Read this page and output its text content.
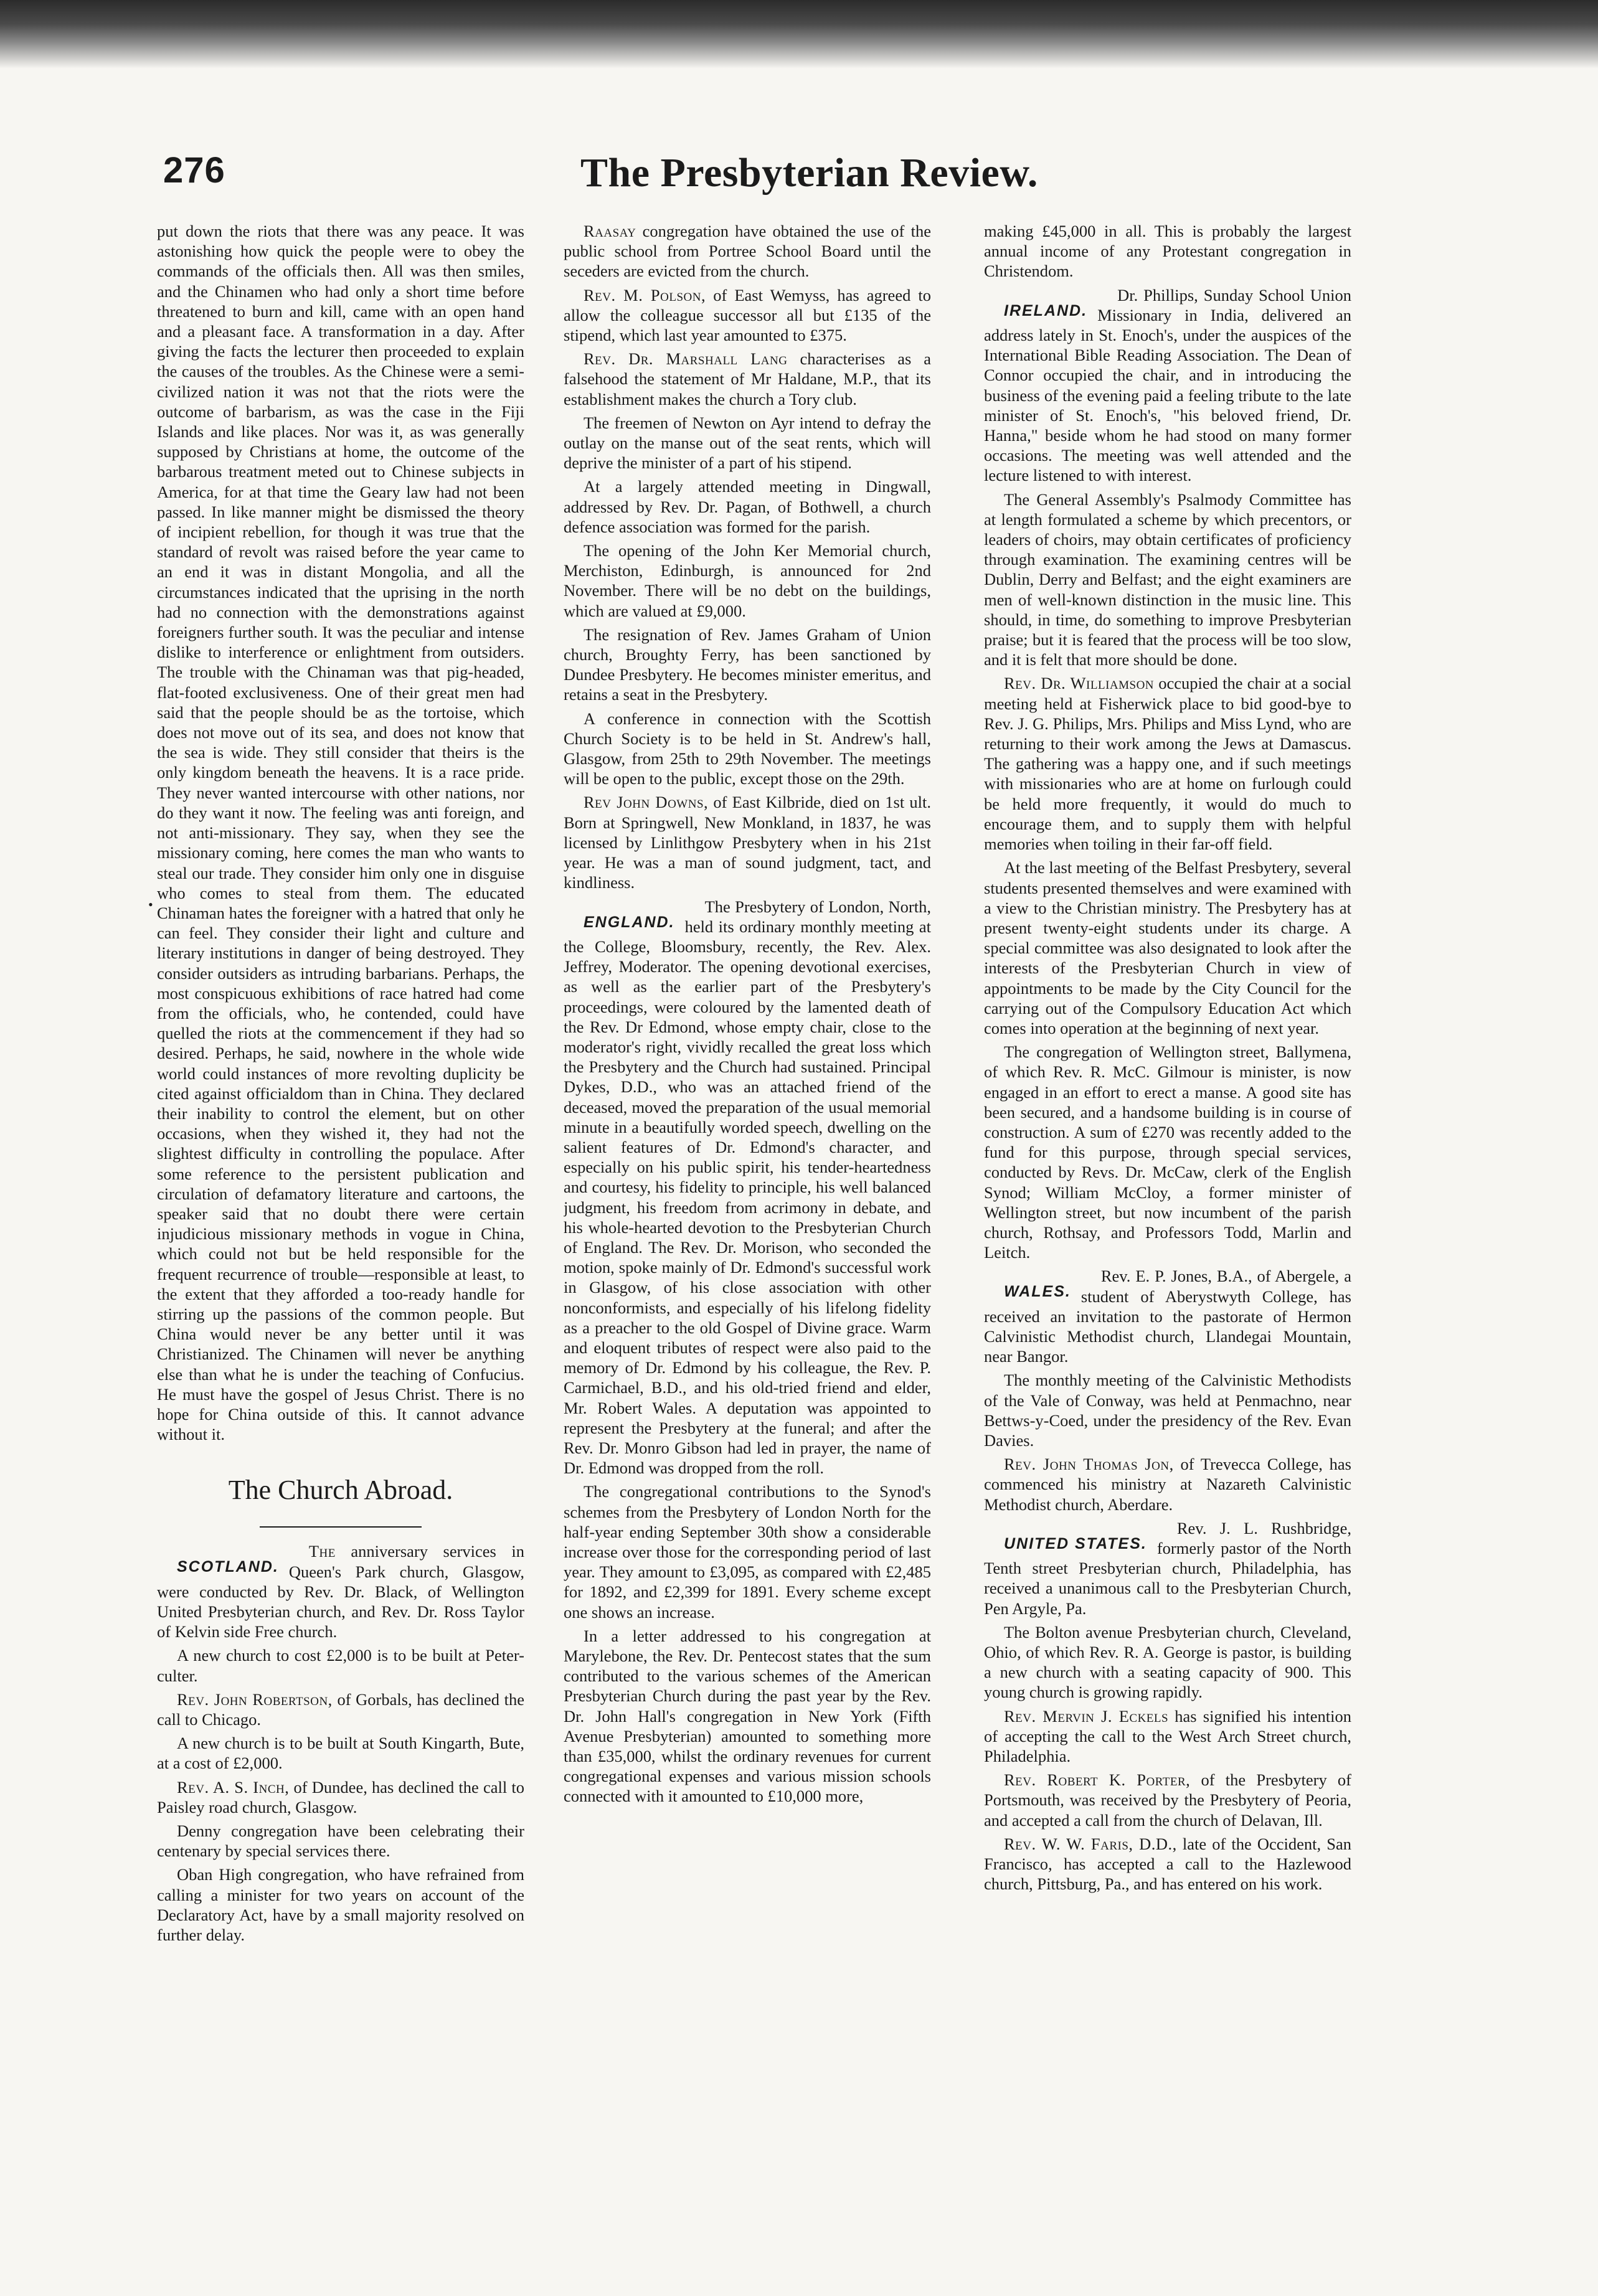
276	The Presbyterian Review.
•

put down the riots that there was any peace. It was astonishing how quick the people were to obey the commands of the officials then. All was then smiles, and the Chinamen who had only a short time before threatened to burn and kill, came with an open hand and a pleasant face. A transformation in a day. After giving the facts the lecturer then proceeded to explain the causes of the troubles. As the Chinese were a semi-civilized nation it was not that the riots were the outcome of barbarism, as was the case in the Fiji Islands and like places. Nor was it, as was generally supposed by Christians at home, the outcome of the barbarous treatment meted out to Chinese subjects in America, for at that time the Geary law had not been passed. In like manner might be dismissed the theory of incipient rebellion, for though it was true that the standard of revolt was raised before the year came to an end it was in distant Mongolia, and all the circumstances indicated that the uprising in the north had no connection with the demonstrations against foreigners further south. It was the peculiar and intense dislike to interference or enlightment from outsiders. The trouble with the Chinaman was that pig-headed, flat-footed exclusiveness. One of their great men had said that the people should be as the tortoise, which does not move out of its sea, and does not know that the sea is wide. They still consider that theirs is the only kingdom beneath the heavens. It is a race pride. They never wanted intercourse with other nations, nor do they want it now. The feeling was anti foreign, and not anti-missionary. They say, when they see the missionary coming, here comes the man who wants to steal our trade. They consider him only one in disguise who comes to steal from them. The educated Chinaman hates the foreigner with a hatred that only he can feel. They consider their light and culture and literary institutions in danger of being destroyed. They consider outsiders as intruding barbarians. Perhaps, the most conspicuous exhibitions of race hatred had come from the officials, who, he contended, could have quelled the riots at the commencement if they had so desired. Perhaps, he said, nowhere in the whole wide world could instances of more revolting duplicity be cited against officialdom than in China. They declared their inability to control the element, but on other occasions, when they wished it, they had not the slightest difficulty in controlling the populace. After some reference to the persistent publication and circulation of defamatory literature and cartoons, the speaker said that no doubt there were certain injudicious missionary methods in vogue in China, which could not but be held responsible for the frequent recurrence of trouble—responsible at least, to the extent that they afforded a too-ready handle for stirring up the passions of the common people. But China would never be any better until it was Christianized. The Chinamen will never be anything else than what he is under the teaching of Confucius. He must have the gospel of Jesus Christ. There is no hope for China outside of this. It cannot advance without it.

The Church Abroad.

SCOTLAND.
The anniversary services in Queen's Park church, Glasgow, were conducted by Rev. Dr. Black, of Wellington United Presbyterian church, and Rev. Dr. Ross Taylor of Kelvin side Free church.

A new church to cost £2,000 is to be built at Peter-culter.

Rev. John Robertson, of Gorbals, has declined the call to Chicago.

A new church is to be built at South Kingarth, Bute, at a cost of £2,000.

Rev. A. S. Inch, of Dundee, has declined the call to Paisley road church, Glasgow.

Denny congregation have been celebrating their centenary by special services there.

Oban High congregation, who have refrained from calling a minister for two years on account of the Declaratory Act, have by a small majority resolved on further delay.

Raasay congregation have obtained the use of the public school from Portree School Board until the seceders are evicted from the church.

Rev. M. Polson, of East Wemyss, has agreed to allow the colleague successor all but £135 of the stipend, which last year amounted to £375.

Rev. Dr. Marshall Lang characterises as a falsehood the statement of Mr Haldane, M.P., that its establishment makes the church a Tory club.

The freemen of Newton on Ayr intend to defray the outlay on the manse out of the seat rents, which will deprive the minister of a part of his stipend.

At a largely attended meeting in Dingwall, addressed by Rev. Dr. Pagan, of Bothwell, a church defence association was formed for the parish.

The opening of the John Ker Memorial church, Merchiston, Edinburgh, is announced for 2nd November. There will be no debt on the buildings, which are valued at £9,000.

The resignation of Rev. James Graham of Union church, Broughty Ferry, has been sanctioned by Dundee Presbytery. He becomes minister emeritus, and retains a seat in the Presbytery.

A conference in connection with the Scottish Church Society is to be held in St. Andrew's hall, Glasgow, from 25th to 29th November. The meetings will be open to the public, except those on the 29th.

Rev John Downs, of East Kilbride, died on 1st ult. Born at Springwell, New Monkland, in 1837, he was licensed by Linlithgow Presbytery when in his 21st year. He was a man of sound judgment, tact, and kindliness.

ENGLAND.
The Presbytery of London, North, held its ordinary monthly meeting at the College, Bloomsbury, recently, the Rev. Alex. Jeffrey, Moderator. The opening devotional exercises, as well as the earlier part of the Presbytery's proceedings, were coloured by the lamented death of the Rev. Dr Edmond, whose empty chair, close to the moderator's right, vividly recalled the great loss which the Presbytery and the Church had sustained. Principal Dykes, D.D., who was an attached friend of the deceased, moved the preparation of the usual memorial minute in a beautifully worded speech, dwelling on the salient features of Dr. Edmond's character, and especially on his public spirit, his tender-heartedness and courtesy, his fidelity to principle, his well balanced judgment, his freedom from acrimony in debate, and his whole-hearted devotion to the Presbyterian Church of England. The Rev. Dr. Morison, who seconded the motion, spoke mainly of Dr. Edmond's successful work in Glasgow, of his close association with other nonconformists, and especially of his lifelong fidelity as a preacher to the old Gospel of Divine grace. Warm and eloquent tributes of respect were also paid to the memory of Dr. Edmond by his colleague, the Rev. P. Carmichael, B.D., and his old-tried friend and elder, Mr. Robert Wales. A deputation was appointed to represent the Presbytery at the funeral; and after the Rev. Dr. Monro Gibson had led in prayer, the name of Dr. Edmond was dropped from the roll.

The congregational contributions to the Synod's schemes from the Presbytery of London North for the half-year ending September 30th show a considerable increase over those for the corresponding period of last year. They amount to £3,095, as compared with £2,485 for 1892, and £2,399 for 1891. Every scheme except one shows an increase.

In a letter addressed to his congregation at Marylebone, the Rev. Dr. Pentecost states that the sum contributed to the various schemes of the American Presbyterian Church during the past year by the Rev. Dr. John Hall's congregation in New York (Fifth Avenue Presbyterian) amounted to something more than £35,000, whilst the ordinary revenues for current congregational expenses and various mission schools connected with it amounted to £10,000 more,

making £45,000 in all. This is probably the largest annual income of any Protestant congregation in Christendom.

IRELAND.
Dr. Phillips, Sunday School Union Missionary in India, delivered an address lately in St. Enoch's, under the auspices of the International Bible Reading Association. The Dean of Connor occupied the chair, and in introducing the business of the evening paid a feeling tribute to the late minister of St. Enoch's, "his beloved friend, Dr. Hanna," beside whom he had stood on many former occasions. The meeting was well attended and the lecture listened to with interest.

The General Assembly's Psalmody Committee has at length formulated a scheme by which precentors, or leaders of choirs, may obtain certificates of proficiency through examination. The examining centres will be Dublin, Derry and Belfast; and the eight examiners are men of well-known distinction in the music line. This should, in time, do something to improve Presbyterian praise; but it is feared that the process will be too slow, and it is felt that more should be done.

Rev. Dr. Williamson occupied the chair at a social meeting held at Fisherwick place to bid good-bye to Rev. J. G. Philips, Mrs. Philips and Miss Lynd, who are returning to their work among the Jews at Damascus. The gathering was a happy one, and if such meetings with missionaries who are at home on furlough could be held more frequently, it would do much to encourage them, and to supply them with helpful memories when toiling in their far-off field.

At the last meeting of the Belfast Presbytery, several students presented themselves and were examined with a view to the Christian ministry. The Presbytery has at present twenty-eight students under its charge. A special committee was also designated to look after the interests of the Presbyterian Church in view of appointments to be made by the City Council for the carrying out of the Compulsory Education Act which comes into operation at the beginning of next year.

The congregation of Wellington street, Ballymena, of which Rev. R. McC. Gilmour is minister, is now engaged in an effort to erect a manse. A good site has been secured, and a handsome building is in course of construction. A sum of £270 was recently added to the fund for this purpose, through special services, conducted by Revs. Dr. McCaw, clerk of the English Synod; William McCloy, a former minister of Wellington street, but now incumbent of the parish church, Rothsay, and Professors Todd, Marlin and Leitch.

WALES.
Rev. E. P. Jones, B.A., of Abergele, a student of Aberystwyth College, has received an invitation to the pastorate of Hermon Calvinistic Methodist church, Llandegai Mountain, near Bangor.

The monthly meeting of the Calvinistic Methodists of the Vale of Conway, was held at Penmachno, near Bettws-y-Coed, under the presidency of the Rev. Evan Davies.

Rev. John Thomas Jon, of Trevecca College, has commenced his ministry at Nazareth Calvinistic Methodist church, Aberdare.

UNITED STATES.
Rev. J. L. Rushbridge, formerly pastor of the North Tenth street Presbyterian church, Philadelphia, has received a unanimous call to the Presbyterian Church, Pen Argyle, Pa.

The Bolton avenue Presbyterian church, Cleveland, Ohio, of which Rev. R. A. George is pastor, is building a new church with a seating capacity of 900. This young church is growing rapidly.

Rev. Mervin J. Eckels has signified his intention of accepting the call to the West Arch Street church, Philadelphia.

Rev. Robert K. Porter, of the Presbytery of Portsmouth, was received by the Presbytery of Peoria, and accepted a call from the church of Delavan, Ill.

Rev. W. W. Faris, D.D., late of the Occident, San Francisco, has accepted a call to the Hazlewood church, Pittsburg, Pa., and has entered on his work.
